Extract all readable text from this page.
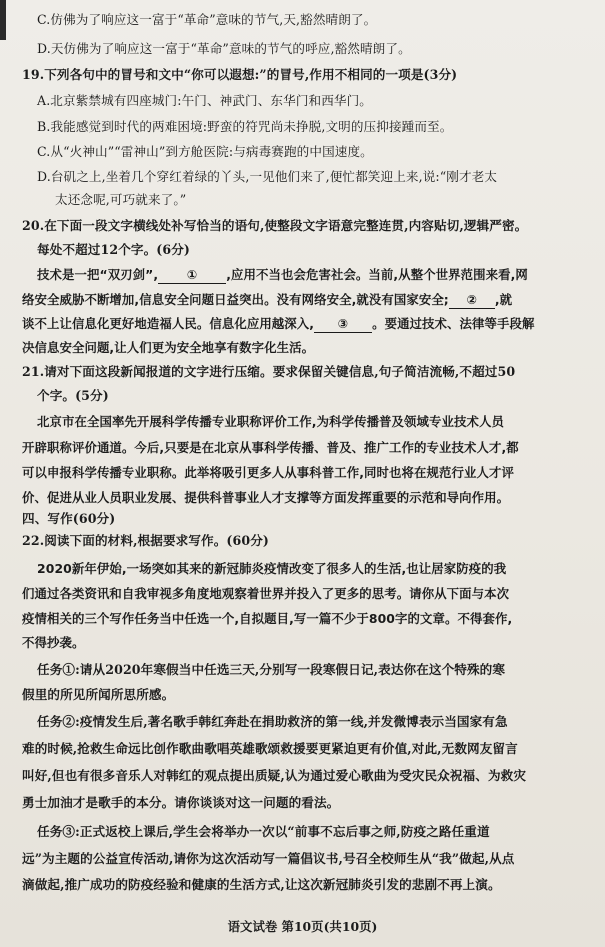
C.仿佛为了响应这一富于“革命”意味的节气,天,豁然晴朗了。
D.天仿佛为了响应这一富于“革命”意味的节气的呼应,豁然晴朗了。
19.下列各句中的冒号和文中“你可以遐想:”的冒号,作用不相同的一项是(3分)
A.北京紫禁城有四座城门:午门、神武门、东华门和西华门。
B.我能感觉到时代的两难困境:野蛮的符咒尚未挣脱,文明的压抑接踵而至。
C.从“火神山”“雷神山”到方舱医院:与病毒赛跑的中国速度。
D.台矶之上,坐着几个穿红着绿的丫头,一见他们来了,便忙都笑迎上来,说:“刚才老太
太还念呢,可巧就来了。”
20.在下面一段文字横线处补写恰当的语句,使整段文字语意完整连贯,内容贴切,逻辑严密。
每处不超过12个字。(6分)
技术是一把“双刃剑”, ① ,应用不当也会危害社会。当前,从整个世界范围来看,网
络安全威胁不断增加,信息安全问题日益突出。没有网络安全,就没有国家安全; ② ,就
谈不上让信息化更好地造福人民。信息化应用越深入, ③ 。要通过技术、法律等手段解
决信息安全问题,让人们更为安全地享有数字化生活。
21.请对下面这段新闻报道的文字进行压缩。要求保留关键信息,句子简洁流畅,不超过50
个字。(5分)
北京市在全国率先开展科学传播专业职称评价工作,为科学传播普及领域专业技术人员
开辟职称评价通道。今后,只要是在北京从事科学传播、普及、推广工作的专业技术人才,都
可以申报科学传播专业职称。此举将吸引更多人从事科普工作,同时也将在规范行业人才评
价、促进从业人员职业发展、提供科普事业人才支撑等方面发挥重要的示范和导向作用。
四、写作(60分)
22.阅读下面的材料,根据要求写作。(60分)
2020新年伊始,一场突如其来的新冠肺炎疫情改变了很多人的生活,也让居家防疫的我
们通过各类资讯和自我审视多角度地观察着世界并投入了更多的思考。请你从下面与本次
疫情相关的三个写作任务当中任选一个,自拟题目,写一篇不少于800字的文章。不得套作,
不得抄袭。
任务①:请从2020年寒假当中任选三天,分别写一段寒假日记,表达你在这个特殊的寒
假里的所见所闻所思所感。
任务②:疫情发生后,著名歌手韩红奔赴在捐助救济的第一线,并发微博表示当国家有急
难的时候,抢救生命远比创作歌曲歌唱英雄歌颂救援要更紧迫更有价值,对此,无数网友留言
叫好,但也有很多音乐人对韩红的观点提出质疑,认为通过爱心歌曲为受灾民众祝福、为救灾
勇士加油才是歌手的本分。请你谈谈对这一问题的看法。
任务③:正式返校上课后,学生会将举办一次以“前事不忘后事之师,防疫之路任重道
远”为主题的公益宣传活动,请你为这次活动写一篇倡议书,号召全校师生从“我”做起,从点
滴做起,推广成功的防疫经验和健康的生活方式,让这次新冠肺炎引发的悲剧不再上演。
语文试卷 第10页(共10页)
